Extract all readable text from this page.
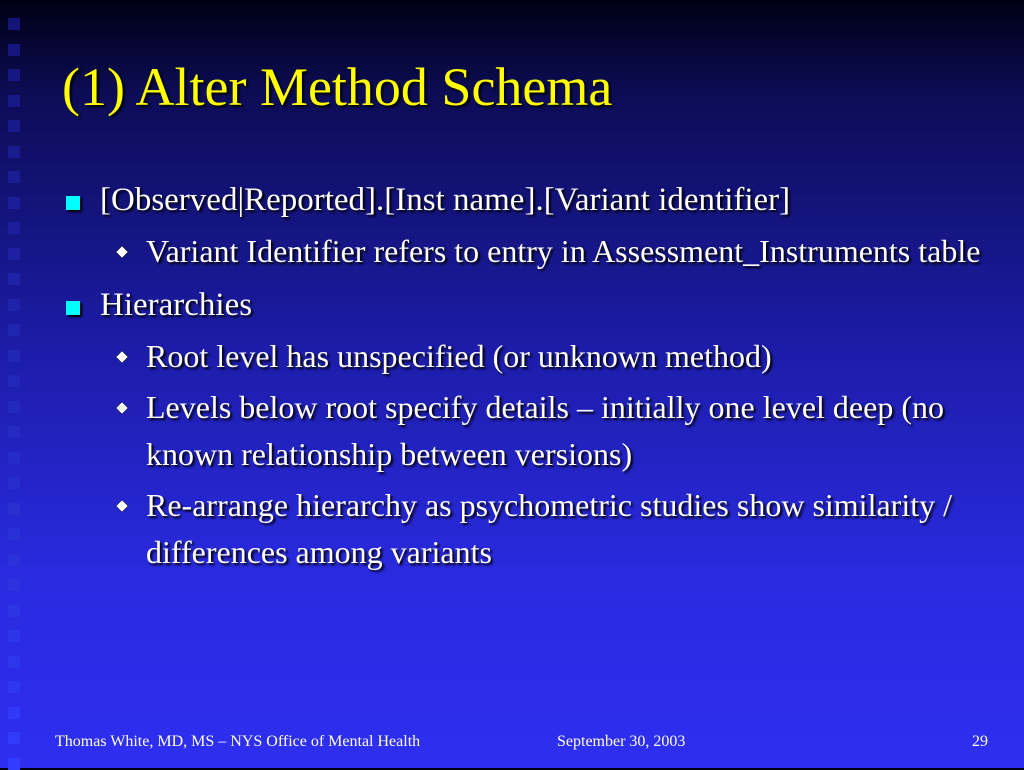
(1) Alter Method Schema
[Observed|Reported].[Inst name].[Variant identifier]
Variant Identifier refers to entry in Assessment_Instruments table
Hierarchies
Root level has unspecified (or unknown method)
Levels below root specify details – initially one level deep (no known relationship between versions)
Re-arrange hierarchy as psychometric studies show similarity / differences among variants
Thomas White, MD, MS – NYS Office of Mental Health	September 30, 2003	29
